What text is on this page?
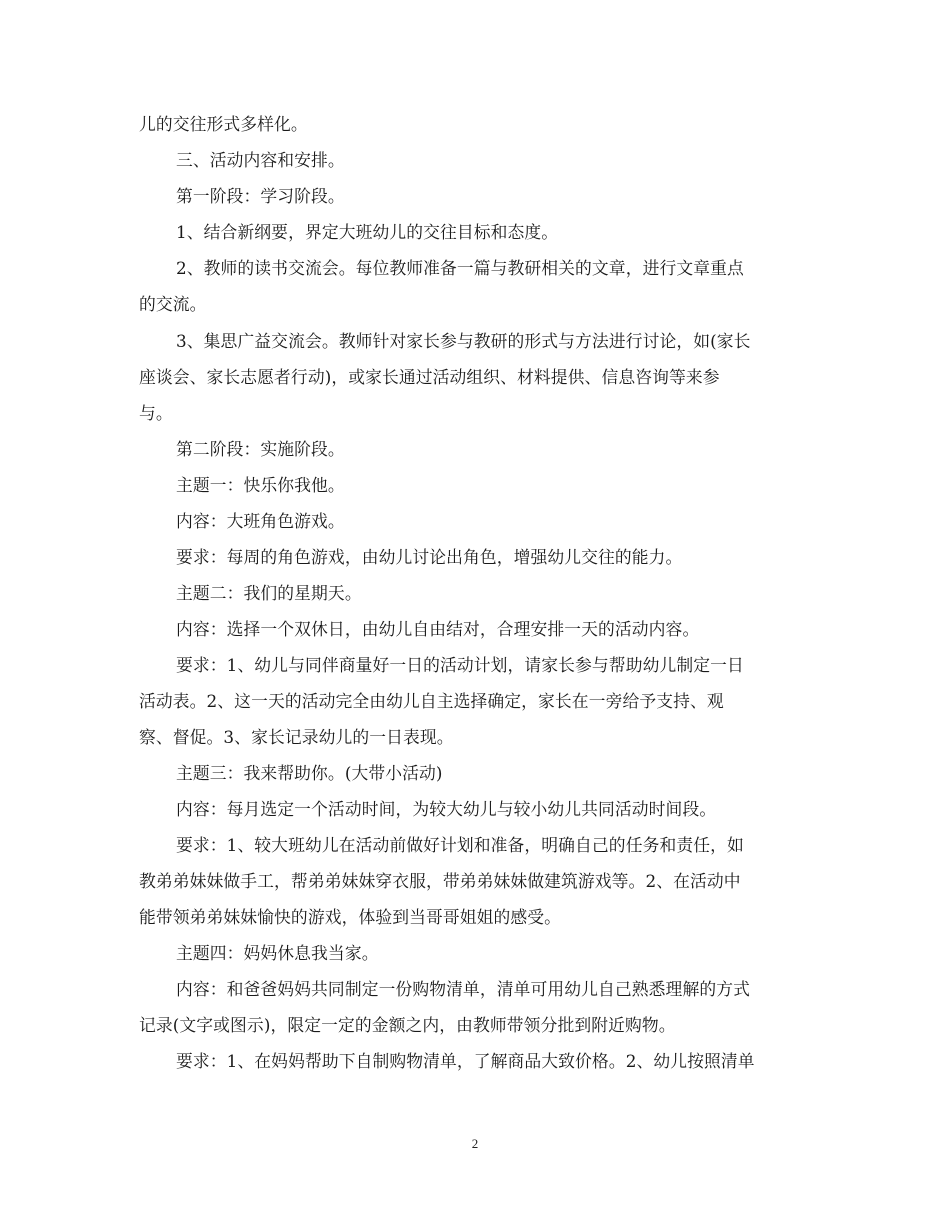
儿的交往形式多样化。
三、活动内容和安排。
第一阶段：学习阶段。
1、结合新纲要，界定大班幼儿的交往目标和态度。
2、教师的读书交流会。每位教师准备一篇与教研相关的文章，进行文章重点
的交流。
3、集思广益交流会。教师针对家长参与教研的形式与方法进行讨论，如(家长
座谈会、家长志愿者行动)，或家长通过活动组织、材料提供、信息咨询等来参
与。
第二阶段：实施阶段。
主题一：快乐你我他。
内容：大班角色游戏。
要求：每周的角色游戏，由幼儿讨论出角色，增强幼儿交往的能力。
主题二：我们的星期天。
内容：选择一个双休日，由幼儿自由结对，合理安排一天的活动内容。
要求：1、幼儿与同伴商量好一日的活动计划，请家长参与帮助幼儿制定一日
活动表。2、这一天的活动完全由幼儿自主选择确定，家长在一旁给予支持、观
察、督促。3、家长记录幼儿的一日表现。
主题三：我来帮助你。(大带小活动)
内容：每月选定一个活动时间，为较大幼儿与较小幼儿共同活动时间段。
要求：1、较大班幼儿在活动前做好计划和准备，明确自己的任务和责任，如
教弟弟妹妹做手工，帮弟弟妹妹穿衣服，带弟弟妹妹做建筑游戏等。2、在活动中
能带领弟弟妹妹愉快的游戏，体验到当哥哥姐姐的感受。
主题四：妈妈休息我当家。
内容：和爸爸妈妈共同制定一份购物清单，清单可用幼儿自己熟悉理解的方式
记录(文字或图示)，限定一定的金额之内，由教师带领分批到附近购物。
要求：1、在妈妈帮助下自制购物清单，了解商品大致价格。2、幼儿按照清单
2
